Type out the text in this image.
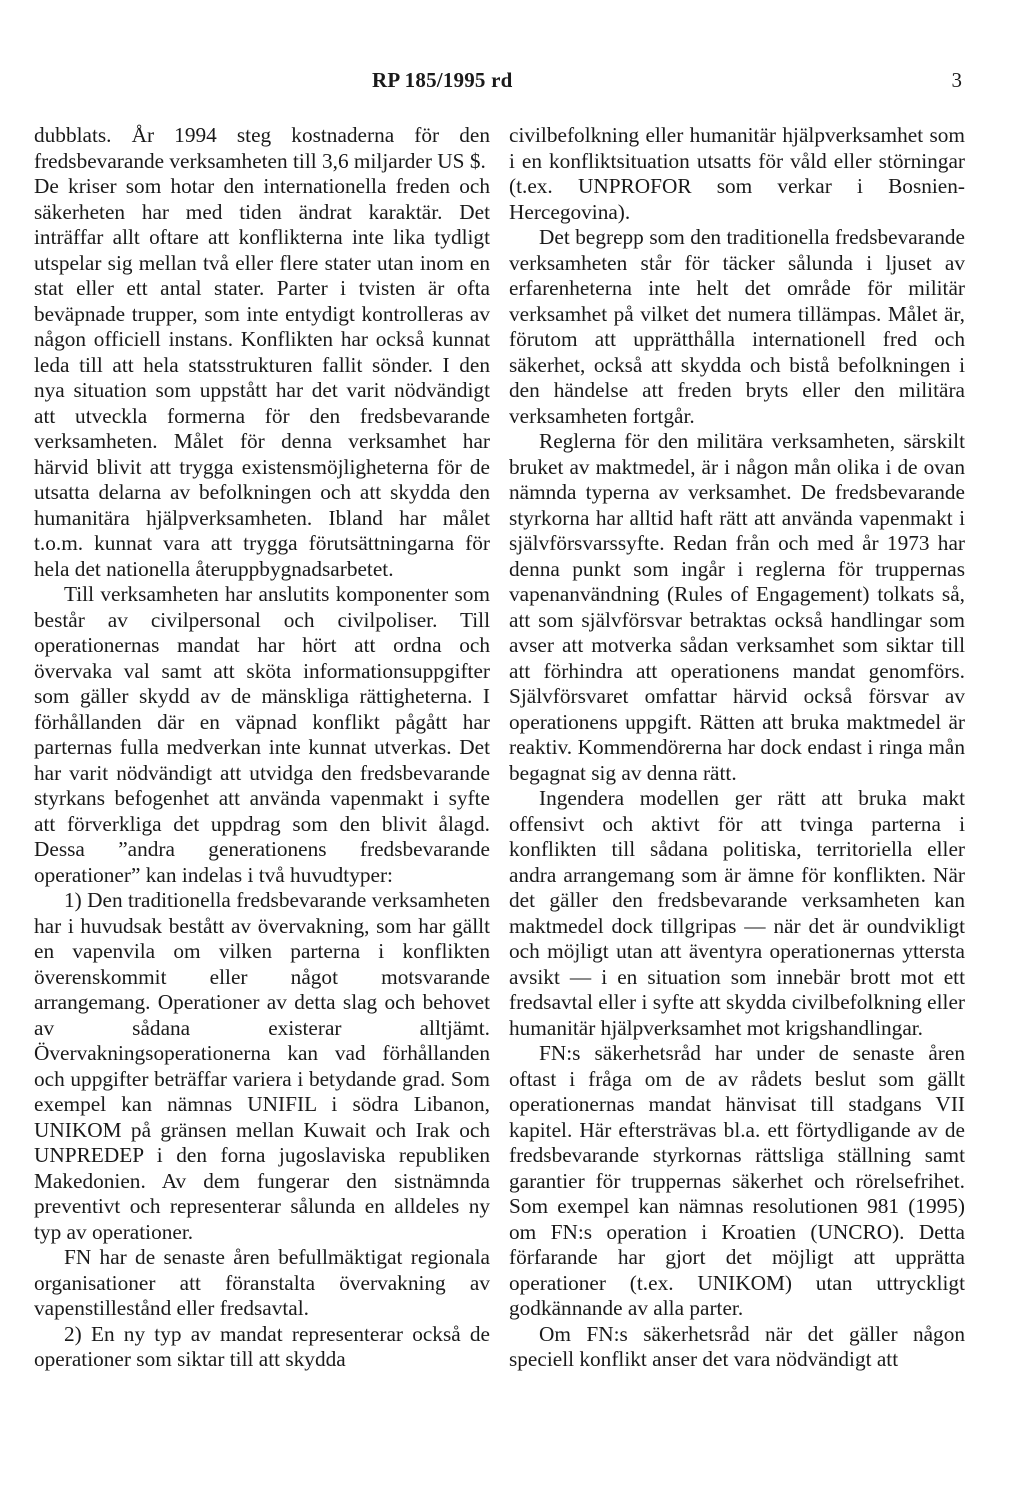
RP 185/1995 rd	3

dubblats. År 1994 steg kostnaderna för den fredsbevarande verksamheten till 3,6 miljarder US $.

De kriser som hotar den internationella freden och säkerheten har med tiden ändrat karaktär. Det inträffar allt oftare att konflikterna inte lika tydligt utspelar sig mellan två eller flere stater utan inom en stat eller ett antal stater. Parter i tvisten är ofta beväpnade trupper, som inte entydigt kontrolleras av någon officiell instans. Konflikten har också kunnat leda till att hela statsstrukturen fallit sönder. I den nya situation som uppstått har det varit nödvändigt att utveckla formerna för den fredsbevarande verksamheten. Målet för denna verksamhet har härvid blivit att trygga existensmöjligheterna för de utsatta delarna av befolkningen och att skydda den humanitära hjälpverksamheten. Ibland har målet t.o.m. kunnat vara att trygga förutsättningarna för hela det nationella återuppbygnadsarbetet.

Till verksamheten har anslutits komponenter som består av civilpersonal och civilpoliser. Till operationernas mandat har hört att ordna och övervaka val samt att sköta informationsuppgifter som gäller skydd av de mänskliga rättigheterna. I förhållanden där en väpnad konflikt pågått har parternas fulla medverkan inte kunnat utverkas. Det har varit nödvändigt att utvidga den fredsbevarande styrkans befogenhet att använda vapenmakt i syfte att förverkliga det uppdrag som den blivit ålagd. Dessa ”andra generationens fredsbevarande operationer” kan indelas i två huvudtyper:

1) Den traditionella fredsbevarande verksamheten har i huvudsak bestått av övervakning, som har gällt en vapenvila om vilken parterna i konflikten överenskommit eller något motsvarande arrangemang. Operationer av detta slag och behovet av sådana existerar alltjämt. Övervakningsoperationerna kan vad förhållanden och uppgifter beträffar variera i betydande grad. Som exempel kan nämnas UNIFIL i södra Libanon, UNIKOM på gränsen mellan Kuwait och Irak och UNPREDEP i den forna jugoslaviska republiken Makedonien. Av dem fungerar den sistnämnda preventivt och representerar sålunda en alldeles ny typ av operationer.

FN har de senaste åren befullmäktigat regionala organisationer att föranstalta övervakning av vapenstillestånd eller fredsavtal.

2) En ny typ av mandat representerar också de operationer som siktar till att skydda

civilbefolkning eller humanitär hjälpverksamhet som i en konfliktsituation utsatts för våld eller störningar (t.ex. UNPROFOR som verkar i Bosnien-Hercegovina).

Det begrepp som den traditionella fredsbevarande verksamheten står för täcker sålunda i ljuset av erfarenheterna inte helt det område för militär verksamhet på vilket det numera tillämpas. Målet är, förutom att upprätthålla internationell fred och säkerhet, också att skydda och bistå befolkningen i den händelse att freden bryts eller den militära verksamheten fortgår.

Reglerna för den militära verksamheten, särskilt bruket av maktmedel, är i någon mån olika i de ovan nämnda typerna av verksamhet. De fredsbevarande styrkorna har alltid haft rätt att använda vapenmakt i självförsvarssyfte. Redan från och med år 1973 har denna punkt som ingår i reglerna för truppernas vapenanvändning (Rules of Engagement) tolkats så, att som självförsvar betraktas också handlingar som avser att motverka sådan verksamhet som siktar till att förhindra att operationens mandat genomförs. Självförsvaret omfattar härvid också försvar av operationens uppgift. Rätten att bruka maktmedel är reaktiv. Kommendörerna har dock endast i ringa mån begagnat sig av denna rätt.

Ingendera modellen ger rätt att bruka makt offensivt och aktivt för att tvinga parterna i konflikten till sådana politiska, territoriella eller andra arrangemang som är ämne för konflikten. När det gäller den fredsbevarande verksamheten kan maktmedel dock tillgripas — när det är oundvikligt och möjligt utan att äventyra operationernas yttersta avsikt — i en situation som innebär brott mot ett fredsavtal eller i syfte att skydda civilbefolkning eller humanitär hjälpverksamhet mot krigshandlingar.

FN:s säkerhetsråd har under de senaste åren oftast i fråga om de av rådets beslut som gällt operationernas mandat hänvisat till stadgans VII kapitel. Här eftersträvas bl.a. ett förtydligande av de fredsbevarande styrkornas rättsliga ställning samt garantier för truppernas säkerhet och rörelsefrihet. Som exempel kan nämnas resolutionen 981 (1995) om FN:s operation i Kroatien (UNCRO). Detta förfarande har gjort det möjligt att upprätta operationer (t.ex. UNIKOM) utan uttryckligt godkännande av alla parter.

Om FN:s säkerhetsråd när det gäller någon speciell konflikt anser det vara nödvändigt att
